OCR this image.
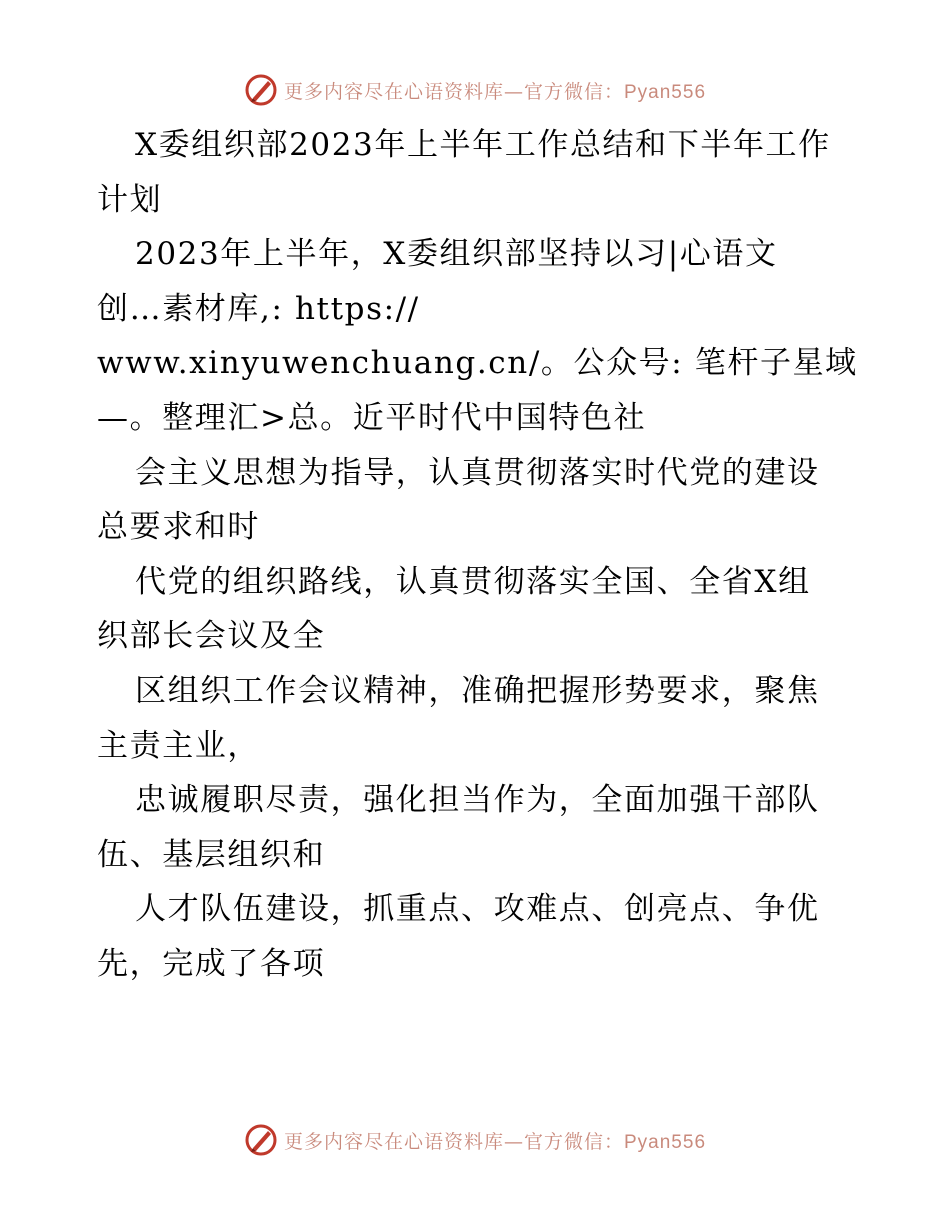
更多内容尽在心语资料库—官方微信：Pyan556

X委组织部2023年上半年工作总结和下半年工作

计划

2023年上半年，X委组织部坚持以习|心语文

创…素材库,: https://

www.xinyuwenchuang.cn/。公众号: 笔杆子星域

—。整理汇>总。近平时代中国特色社

会主义思想为指导，认真贯彻落实时代党的建设

总要求和时

代党的组织路线，认真贯彻落实全国、全省X组

织部长会议及全

区组织工作会议精神，准确把握形势要求，聚焦

主责主业，

忠诚履职尽责，强化担当作为，全面加强干部队

伍、基层组织和

人才队伍建设，抓重点、攻难点、创亮点、争优

先，完成了各项

更多内容尽在心语资料库—官方微信：Pyan556
